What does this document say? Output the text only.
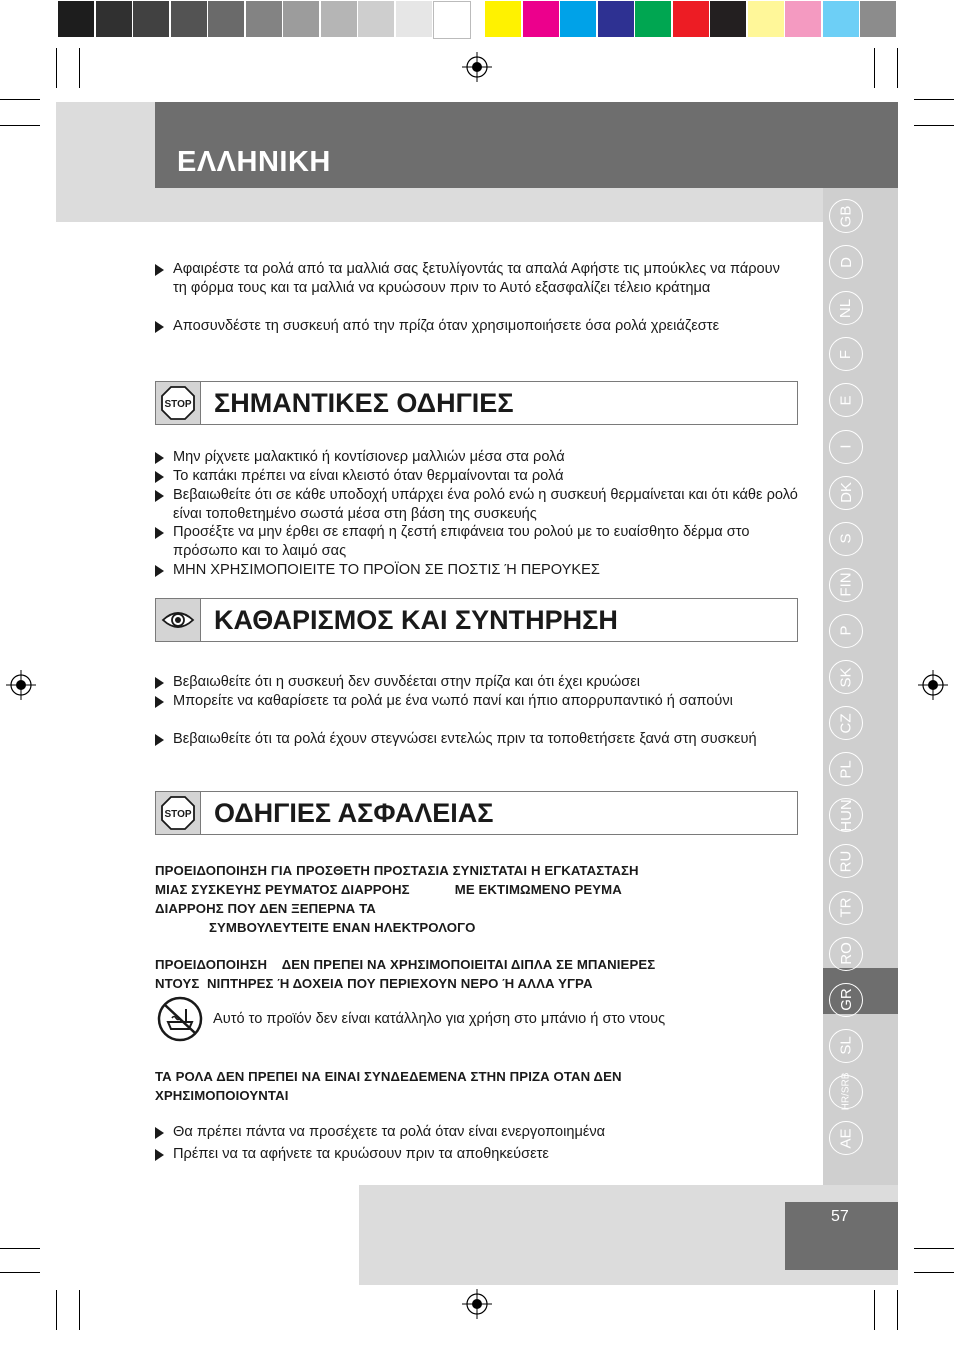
ΕΛΛΗΝΙΚΗ
GB
D
NL
F
E
I
DK
S
FIN
P
SK
CZ
PL
HUN
RU
TR
RO
GR
SL
HR/SRB
AE
57
Αφαιρέστε τα ρολά από τα μαλλιά σας ξετυλίγοντάς τα απαλά Αφήστε τις μπούκλες να πάρουν τη φόρμα τους και τα μαλλιά να κρυώσουν πριν το Αυτό εξασφαλίζει τέλειο κράτημα
Αποσυνδέστε τη συσκευή από την πρίζα όταν χρησιμοποιήσετε όσα ρολά χρειάζεστε
STOP ΣΗΜΑΝΤΙΚΕΣ ΟΔΗΓΙΕΣ
Μην ρίχνετε μαλακτικό ή κοντίσιονερ μαλλιών μέσα στα ρολά
Το καπάκι πρέπει να είναι κλειστό όταν θερμαίνονται τα ρολά
Βεβαιωθείτε ότι σε κάθε υποδοχή υπάρχει ένα ρολό ενώ η συσκευή θερμαίνεται και ότι κάθε ρολό είναι τοποθετημένο σωστά μέσα στη βάση της συσκευής
Προσέξτε να μην έρθει σε επαφή η ζεστή επιφάνεια του ρολού με το ευαίσθητο δέρμα στο πρόσωπο και το λαιμό σας
ΜΗΝ ΧΡΗΣΙΜΟΠΟΙΕΙΤΕ ΤΟ ΠΡΟΪΟΝ ΣΕ ΠΟΣΤΙΣ Ή ΠΕΡΟΥΚΕΣ
ΚΑΘΑΡΙΣΜΟΣ ΚΑΙ ΣΥΝΤΗΡΗΣΗ
Βεβαιωθείτε ότι η συσκευή δεν συνδέεται στην πρίζα και ότι έχει κρυώσει
Μπορείτε να καθαρίσετε τα ρολά με ένα νωπό πανί και ήπιο απορρυπαντικό ή σαπούνι
Βεβαιωθείτε ότι τα ρολά έχουν στεγνώσει εντελώς πριν τα τοποθετήσετε ξανά στη συσκευή
STOP ΟΔΗΓΙΕΣ ΑΣΦΑΛΕΙΑΣ
ΠΡΟΕΙΔΟΠΟΙΗΣΗ ΓΙΑ ΠΡΟΣΘΕΤΗ ΠΡΟΣΤΑΣΙΑ ΣΥΝΙΣΤΑΤΑΙ Η ΕΓΚΑΤΑΣΤΑΣΗ
ΜΙΑΣ ΣΥΣΚΕΥΗΣ ΡΕΥΜΑΤΟΣ ΔΙΑΡΡΟΗΣ            ΜΕ ΕΚΤΙΜΩΜΕΝΟ ΡΕΥΜΑ
ΔΙΑΡΡΟΗΣ ΠΟΥ ΔΕΝ ΞΕΠΕΡΝΑ ΤΑ
ΣΥΜΒΟΥΛΕΥΤΕΙΤΕ ΕΝΑΝ ΗΛΕΚΤΡΟΛΟΓΟ
ΠΡΟΕΙΔΟΠΟΙΗΣΗ    ΔΕΝ ΠΡΕΠΕΙ ΝΑ ΧΡΗΣΙΜΟΠΟΙΕΙΤΑΙ ΔΙΠΛΑ ΣΕ ΜΠΑΝΙΕΡΕΣ
ΝΤΟΥΣ  ΝΙΠΤΗΡΕΣ Ή ΔΟΧΕΙΑ ΠΟΥ ΠΕΡΙΕΧΟΥΝ ΝΕΡΟ Ή ΑΛΛΑ ΥΓΡΑ
Αυτό το προϊόν δεν είναι κατάλληλο για χρήση στο μπάνιο ή στο ντους
ΤΑ ΡΟΛΑ ΔΕΝ ΠΡΕΠΕΙ ΝΑ ΕΙΝΑΙ ΣΥΝΔΕΔΕΜΕΝΑ ΣΤΗΝ ΠΡΙΖΑ ΟΤΑΝ ΔΕΝ
ΧΡΗΣΙΜΟΠΟΙΟΥΝΤΑΙ
Θα πρέπει πάντα να προσέχετε τα ρολά όταν είναι ενεργοποιημένα
Πρέπει να τα αφήνετε τα κρυώσουν πριν τα αποθηκεύσετε
